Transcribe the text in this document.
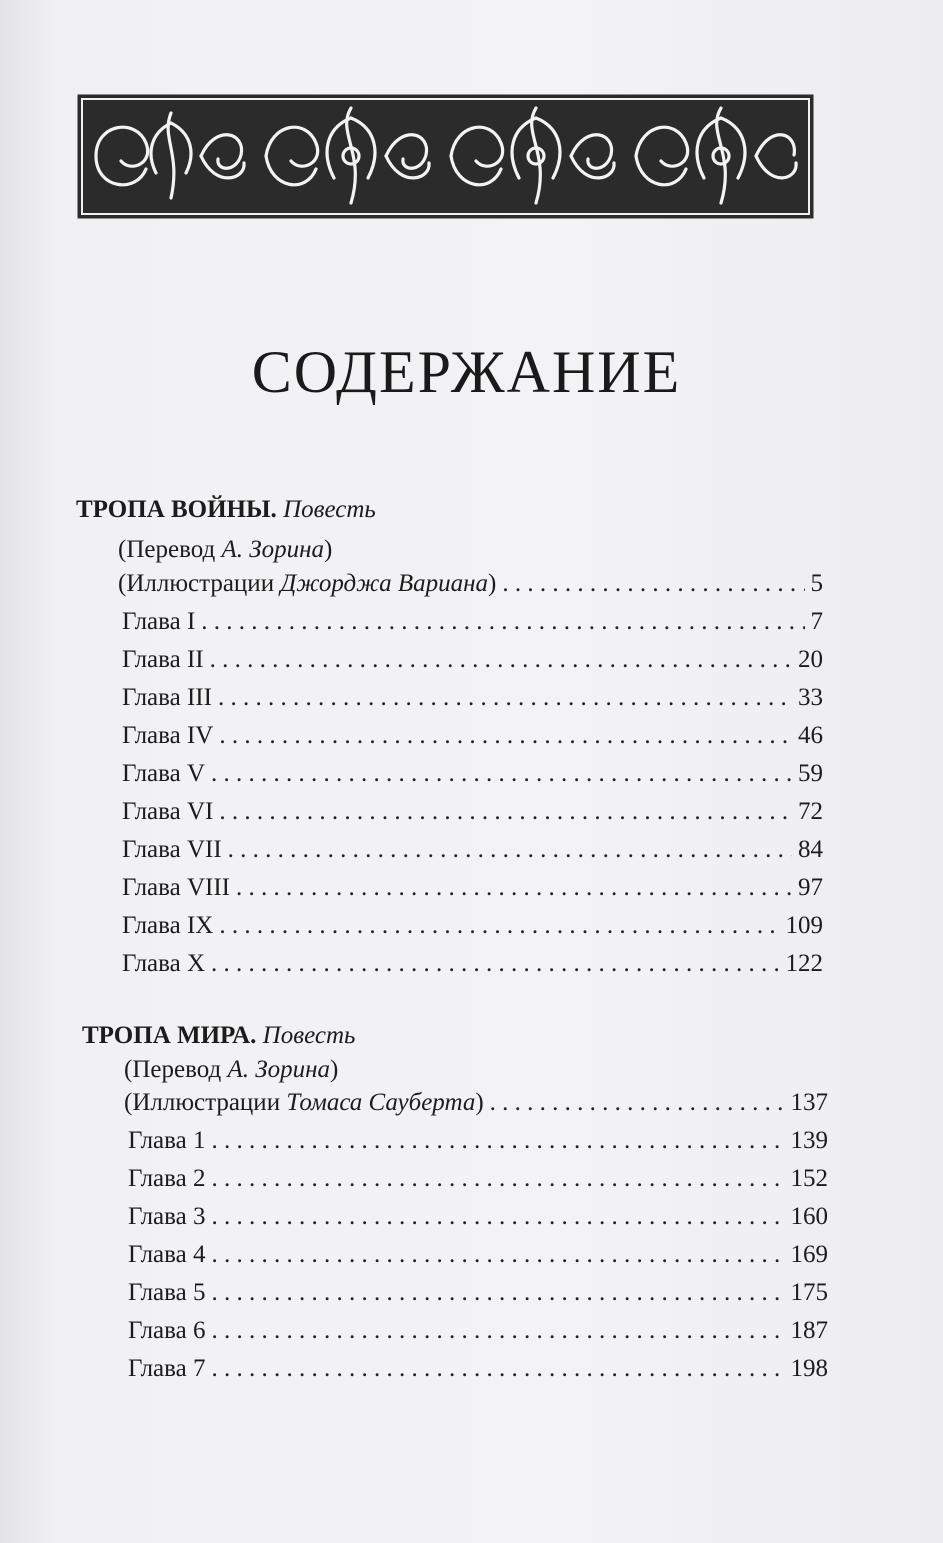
СОДЕРЖАНИЕ
ТРОПА ВОЙНЫ. Повесть
(Перевод А. Зорина)
(Иллюстрации Джорджа Вариана) . . .	5
Глава I . . .	7
Глава II . . .	20
Глава III . . .	33
Глава IV . . .	46
Глава V . . .	59
Глава VI . . .	72
Глава VII . . .	84
Глава VIII . . .	97
Глава IX . . .	109
Глава X . . .	122
ТРОПА МИРА. Повесть
(Перевод А. Зорина)
(Иллюстрации Томаса Сауберта) . . .	137
Глава 1 . . .	139
Глава 2 . . .	152
Глава 3 . . .	160
Глава 4 . . .	169
Глава 5 . . .	175
Глава 6 . . .	187
Глава 7 . . .	198
